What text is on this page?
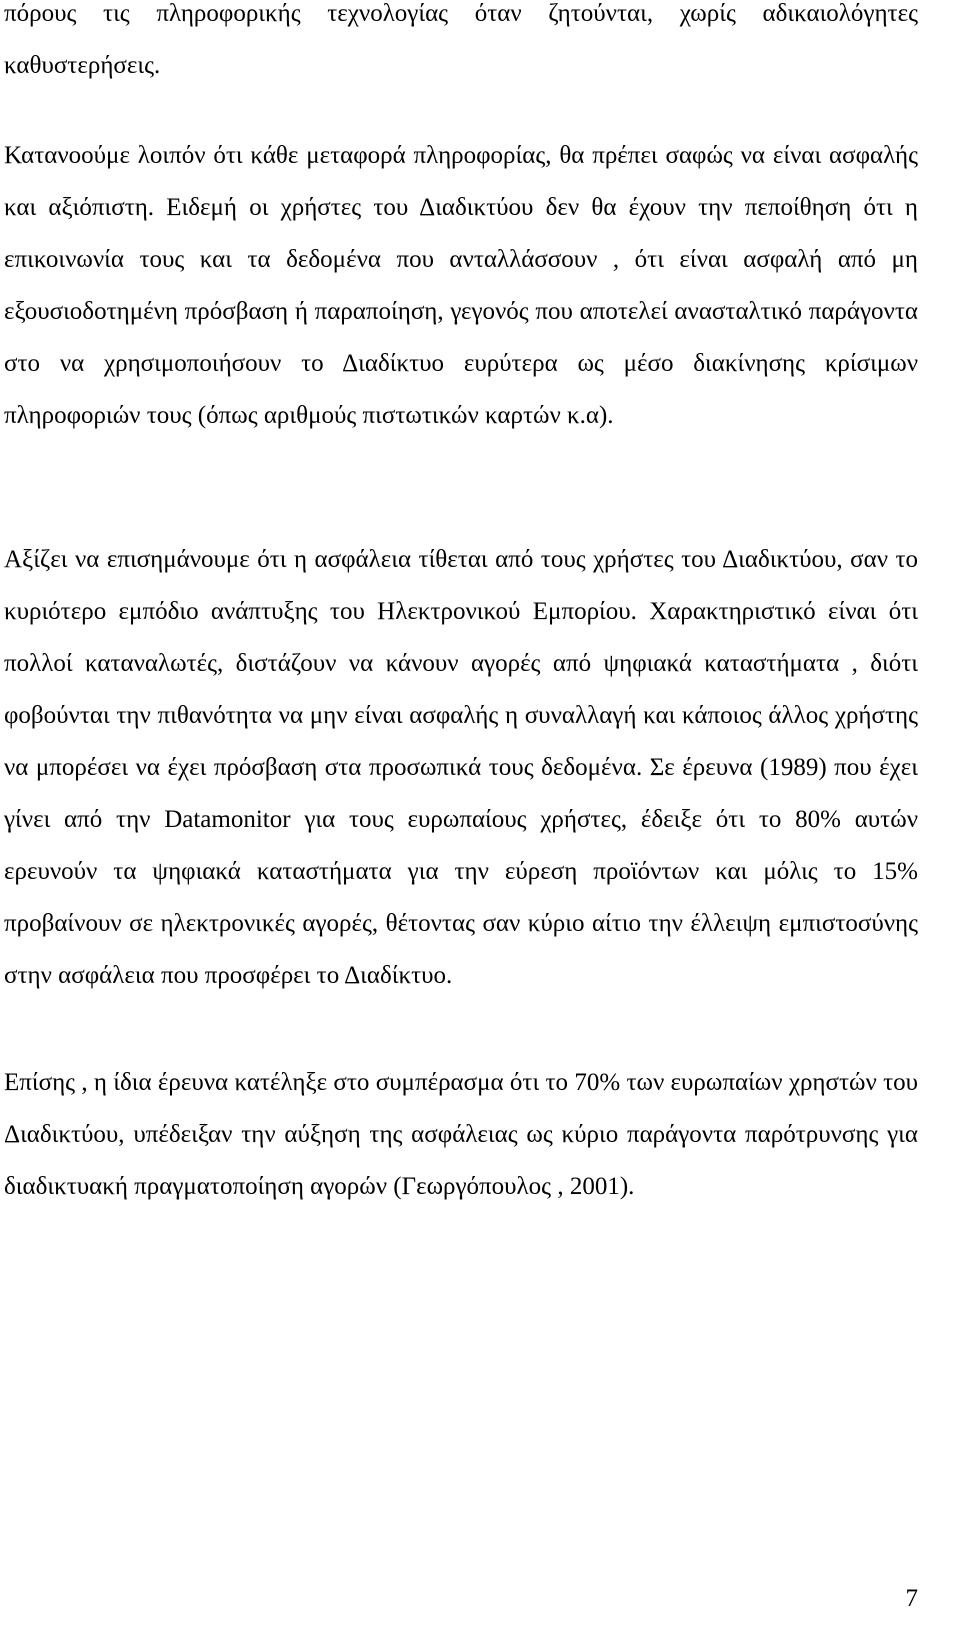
πόρους τις πληροφορικής τεχνολογίας όταν ζητούνται, χωρίς αδικαιολόγητες καθυστερήσεις.

Κατανοούμε λοιπόν ότι κάθε μεταφορά πληροφορίας, θα πρέπει σαφώς να είναι ασφαλής και αξιόπιστη. Ειδεμή οι χρήστες του Διαδικτύου δεν θα έχουν την πεποίθηση ότι η επικοινωνία τους και τα δεδομένα που ανταλλάσσουν , ότι είναι ασφαλή από μη εξουσιοδοτημένη πρόσβαση ή παραποίηση, γεγονός που αποτελεί ανασταλτικό παράγοντα στο να χρησιμοποιήσουν το Διαδίκτυο ευρύτερα ως μέσο διακίνησης κρίσιμων πληροφοριών τους (όπως αριθμούς πιστωτικών καρτών κ.α).

Αξίζει να επισημάνουμε ότι η ασφάλεια τίθεται από τους χρήστες του Διαδικτύου, σαν το κυριότερο εμπόδιο ανάπτυξης του Ηλεκτρονικού Εμπορίου. Χαρακτηριστικό είναι ότι πολλοί καταναλωτές, διστάζουν να κάνουν αγορές από ψηφιακά καταστήματα , διότι φοβούνται την πιθανότητα να μην είναι ασφαλής η συναλλαγή και κάποιος άλλος χρήστης να μπορέσει να έχει πρόσβαση στα προσωπικά τους δεδομένα. Σε έρευνα (1989) που έχει γίνει από την Datamonitor για τους ευρωπαίους χρήστες, έδειξε ότι το 80% αυτών ερευνούν τα ψηφιακά καταστήματα για την εύρεση προϊόντων και μόλις το 15% προβαίνουν σε ηλεκτρονικές αγορές, θέτοντας σαν κύριο αίτιο την έλλειψη εμπιστοσύνης στην ασφάλεια που προσφέρει το Διαδίκτυο.

Επίσης , η ίδια έρευνα κατέληξε στο συμπέρασμα ότι το 70% των ευρωπαίων χρηστών του Διαδικτύου, υπέδειξαν την αύξηση της ασφάλειας ως κύριο παράγοντα παρότρυνσης για διαδικτυακή πραγματοποίηση αγορών (Γεωργόπουλος , 2001).

7
